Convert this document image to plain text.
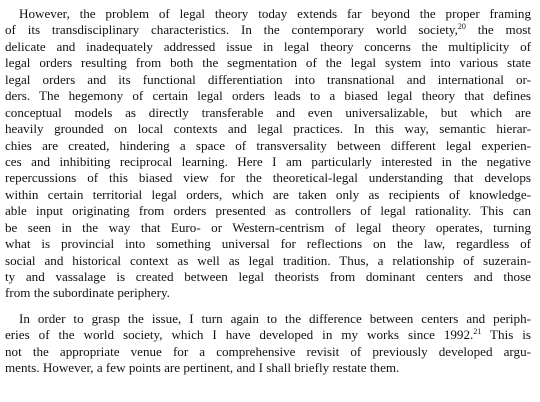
However, the problem of legal theory today extends far beyond the proper framing
of its transdisciplinary characteristics. In the contemporary world society,$^{20}$ the most
delicate and inadequately addressed issue in legal theory concerns the multiplicity of
legal orders resulting from both the segmentation of the legal system into various state
legal orders and its functional differentiation into transnational and international or-
ders. The hegemony of certain legal orders leads to a biased legal theory that defines
conceptual models as directly transferable and even universalizable, but which are
heavily grounded on local contexts and legal practices. In this way, semantic hierar-
chies are created, hindering a space of transversality between different legal experien-
ces and inhibiting reciprocal learning. Here I am particularly interested in the negative
repercussions of this biased view for the theoretical-legal understanding that develops
within certain territorial legal orders, which are taken only as recipients of knowledge-
able input originating from orders presented as controllers of legal rationality. This can
be seen in the way that Euro- or Western-centrism of legal theory operates, turning
what is provincial into something universal for reflections on the law, regardless of
social and historical context as well as legal tradition. Thus, a relationship of suzerain-
ty and vassalage is created between legal theorists from dominant centers and those
from the subordinate periphery.

In order to grasp the issue, I turn again to the difference between centers and periph-
eries of the world society, which I have developed in my works since 1992.21 This is
not the appropriate venue for a comprehensive revisit of previously developed argu-
ments. However, a few points are pertinent, and I shall briefly restate them.
